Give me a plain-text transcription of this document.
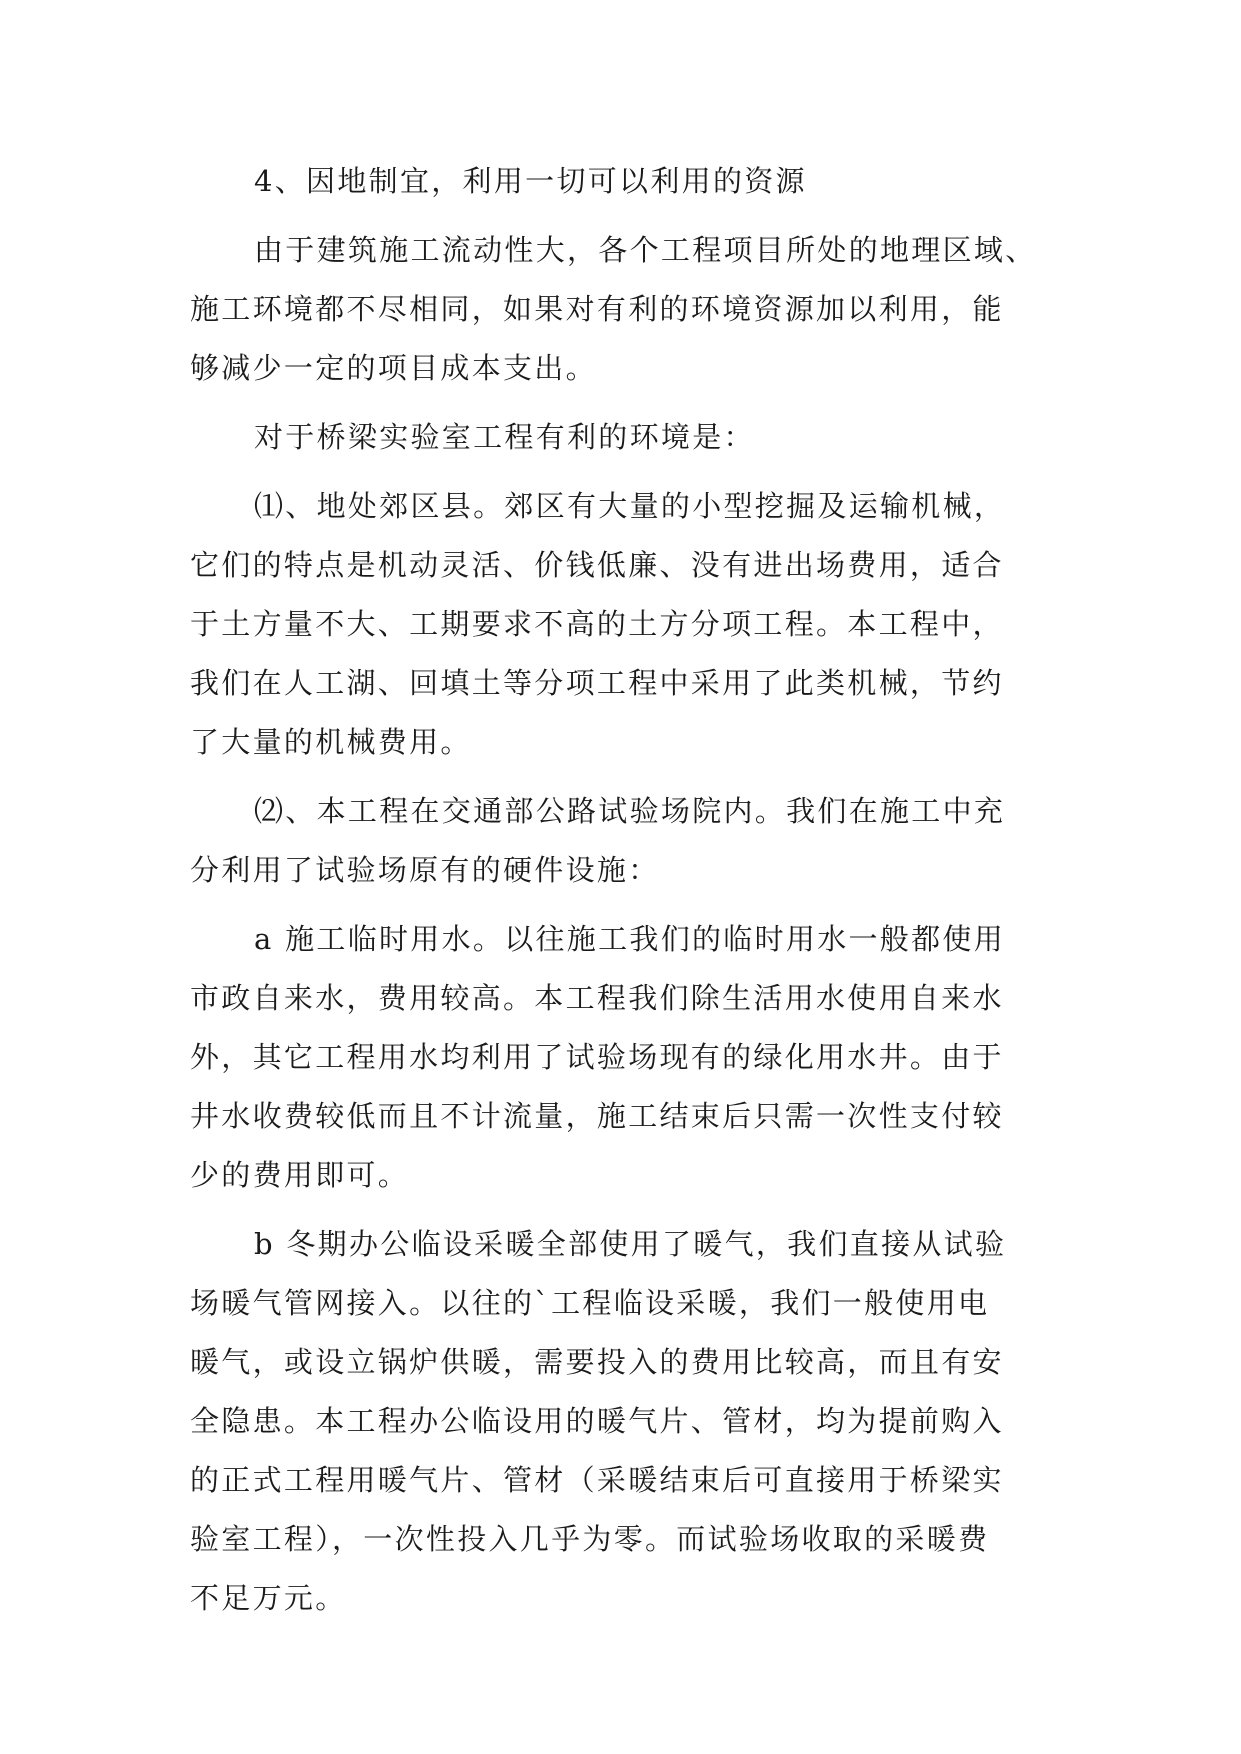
4、因地制宜，利用一切可以利用的资源
由于建筑施工流动性大，各个工程项目所处的地理区域、
施工环境都不尽相同，如果对有利的环境资源加以利用，能
够减少一定的项目成本支出。
对于桥梁实验室工程有利的环境是：
⑴、地处郊区县。郊区有大量的小型挖掘及运输机械，
它们的特点是机动灵活、价钱低廉、没有进出场费用，适合
于土方量不大、工期要求不高的土方分项工程。本工程中，
我们在人工湖、回填土等分项工程中采用了此类机械，节约
了大量的机械费用。
⑵、本工程在交通部公路试验场院内。我们在施工中充
分利用了试验场原有的硬件设施：
a 施工临时用水。以往施工我们的临时用水一般都使用
市政自来水，费用较高。本工程我们除生活用水使用自来水
外，其它工程用水均利用了试验场现有的绿化用水井。由于
井水收费较低而且不计流量，施工结束后只需一次性支付较
少的费用即可。
b 冬期办公临设采暖全部使用了暖气，我们直接从试验
场暖气管网接入。以往的`工程临设采暖，我们一般使用电
暖气，或设立锅炉供暖，需要投入的费用比较高，而且有安
全隐患。本工程办公临设用的暖气片、管材，均为提前购入
的正式工程用暖气片、管材（采暖结束后可直接用于桥梁实
验室工程），一次性投入几乎为零。而试验场收取的采暖费
不足万元。
